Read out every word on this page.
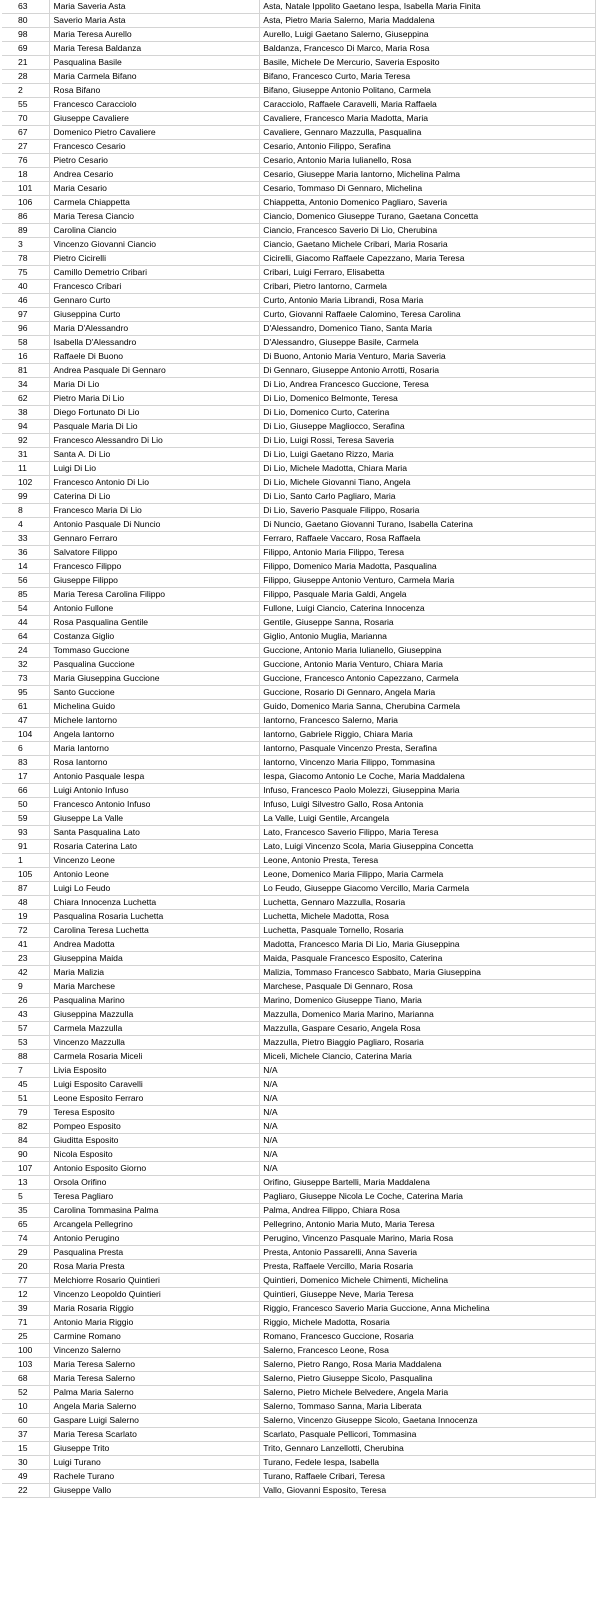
63	Maria Saveria Asta	Asta, Natale Ippolito Gaetano Iespa, Isabella Maria Finita
80	Saverio Maria Asta	Asta, Pietro Maria Salerno, Maria Maddalena
98	Maria Teresa Aurello	Aurello, Luigi Gaetano Salerno, Giuseppina
69	Maria Teresa Baldanza	Baldanza, Francesco Di Marco, Maria Rosa
21	Pasqualina Basile	Basile, Michele De Mercurio, Saveria Esposito
28	Maria Carmela Bifano	Bifano, Francesco Curto, Maria Teresa
2	Rosa Bifano	Bifano, Giuseppe Antonio Politano, Carmela
55	Francesco Caracciolo	Caracciolo, Raffaele Caravelli, Maria Raffaela
70	Giuseppe Cavaliere	Cavaliere, Francesco Maria Madotta, Maria
67	Domenico Pietro Cavaliere	Cavaliere, Gennaro Mazzulla, Pasqualina
27	Francesco Cesario	Cesario, Antonio Filippo, Serafina
76	Pietro Cesario	Cesario, Antonio Maria Iulianello, Rosa
18	Andrea Cesario	Cesario, Giuseppe Maria Iantorno, Michelina Palma
101	Maria Cesario	Cesario, Tommaso Di Gennaro, Michelina
106	Carmela Chiappetta	Chiappetta, Antonio Domenico Pagliaro, Saveria
86	Maria Teresa Ciancio	Ciancio, Domenico Giuseppe Turano, Gaetana Concetta
89	Carolina Ciancio	Ciancio, Francesco Saverio Di Lio, Cherubina
3	Vincenzo Giovanni Ciancio	Ciancio, Gaetano Michele Cribari, Maria Rosaria
78	Pietro Cicirelli	Cicirelli, Giacomo Raffaele Capezzano, Maria Teresa
75	Camillo Demetrio Cribari	Cribari, Luigi Ferraro, Elisabetta
40	Francesco Cribari	Cribari, Pietro Iantorno, Carmela
46	Gennaro Curto	Curto, Antonio Maria Librandi, Rosa Maria
97	Giuseppina Curto	Curto, Giovanni Raffaele Calomino, Teresa Carolina
96	Maria D'Alessandro	D'Alessandro, Domenico Tiano, Santa Maria
58	Isabella D'Alessandro	D'Alessandro, Giuseppe Basile, Carmela
16	Raffaele Di Buono	Di Buono, Antonio Maria Venturo, Maria Saveria
81	Andrea Pasquale Di Gennaro	Di Gennaro, Giuseppe Antonio Arrotti, Rosaria
34	Maria Di Lio	Di Lio, Andrea Francesco Guccione, Teresa
62	Pietro Maria Di Lio	Di Lio, Domenico Belmonte, Teresa
38	Diego Fortunato Di Lio	Di Lio, Domenico Curto, Caterina
94	Pasquale Maria Di Lio	Di Lio, Giuseppe Magliocco, Serafina
92	Francesco Alessandro Di Lio	Di Lio, Luigi Rossi, Teresa Saveria
31	Santa A. Di Lio	Di Lio, Luigi Gaetano Rizzo, Maria
11	Luigi Di Lio	Di Lio, Michele Madotta, Chiara Maria
102	Francesco Antonio Di Lio	Di Lio, Michele Giovanni Tiano, Angela
99	Caterina Di Lio	Di Lio, Santo Carlo Pagliaro, Maria
8	Francesco Maria Di Lio	Di Lio, Saverio Pasquale Filippo, Rosaria
4	Antonio Pasquale Di Nuncio	Di Nuncio, Gaetano Giovanni Turano, Isabella Caterina
33	Gennaro Ferraro	Ferraro, Raffaele Vaccaro, Rosa Raffaela
36	Salvatore Filippo	Filippo, Antonio Maria Filippo, Teresa
14	Francesco Filippo	Filippo, Domenico Maria Madotta, Pasqualina
56	Giuseppe Filippo	Filippo, Giuseppe Antonio Venturo, Carmela Maria
85	Maria Teresa Carolina Filippo	Filippo, Pasquale Maria Galdi, Angela
54	Antonio Fullone	Fullone, Luigi Ciancio, Caterina Innocenza
44	Rosa Pasqualina Gentile	Gentile, Giuseppe Sanna, Rosaria
64	Costanza Giglio	Giglio, Antonio Muglia, Marianna
24	Tommaso Guccione	Guccione, Antonio Maria Iulianello, Giuseppina
32	Pasqualina Guccione	Guccione, Antonio Maria Venturo, Chiara Maria
73	Maria Giuseppina Guccione	Guccione, Francesco Antonio Capezzano, Carmela
95	Santo Guccione	Guccione, Rosario Di Gennaro, Angela Maria
61	Michelina Guido	Guido, Domenico Maria Sanna, Cherubina Carmela
47	Michele Iantorno	Iantorno, Francesco Salerno, Maria
104	Angela Iantorno	Iantorno, Gabriele Riggio, Chiara Maria
6	Maria Iantorno	Iantorno, Pasquale Vincenzo Presta, Serafina
83	Rosa Iantorno	Iantorno, Vincenzo Maria Filippo, Tommasina
17	Antonio Pasquale Iespa	Iespa, Giacomo Antonio Le Coche, Maria Maddalena
66	Luigi Antonio Infuso	Infuso, Francesco Paolo Molezzi, Giuseppina Maria
50	Francesco Antonio Infuso	Infuso, Luigi Silvestro Gallo, Rosa Antonia
59	Giuseppe La Valle	La Valle, Luigi Gentile, Arcangela
93	Santa Pasqualina Lato	Lato, Francesco Saverio Filippo, Maria Teresa
91	Rosaria Caterina Lato	Lato, Luigi Vincenzo Scola, Maria Giuseppina Concetta
1	Vincenzo Leone	Leone, Antonio Presta, Teresa
105	Antonio Leone	Leone, Domenico Maria Filippo, Maria Carmela
87	Luigi Lo Feudo	Lo Feudo, Giuseppe Giacomo Vercillo, Maria Carmela
48	Chiara Innocenza Luchetta	Luchetta, Gennaro Mazzulla, Rosaria
19	Pasqualina Rosaria Luchetta	Luchetta, Michele Madotta, Rosa
72	Carolina Teresa Luchetta	Luchetta, Pasquale Tornello, Rosaria
41	Andrea Madotta	Madotta, Francesco Maria Di Lio, Maria Giuseppina
23	Giuseppina Maida	Maida, Pasquale Francesco Esposito, Caterina
42	Maria Malizia	Malizia, Tommaso Francesco Sabbato, Maria Giuseppina
9	Maria Marchese	Marchese, Pasquale Di Gennaro, Rosa
26	Pasqualina Marino	Marino, Domenico Giuseppe Tiano, Maria
43	Giuseppina Mazzulla	Mazzulla, Domenico Maria Marino, Marianna
57	Carmela Mazzulla	Mazzulla, Gaspare Cesario, Angela Rosa
53	Vincenzo Mazzulla	Mazzulla, Pietro Biaggio Pagliaro, Rosaria
88	Carmela Rosaria Miceli	Miceli, Michele Ciancio, Caterina Maria
7	Livia Esposito	N/A
45	Luigi Esposito Caravelli	N/A
51	Leone Esposito Ferraro	N/A
79	Teresa Esposito	N/A
82	Pompeo Esposito	N/A
84	Giuditta Esposito	N/A
90	Nicola Esposito	N/A
107	Antonio Esposito Giorno	N/A
13	Orsola Orifino	Orifino, Giuseppe Bartelli, Maria Maddalena
5	Teresa Pagliaro	Pagliaro, Giuseppe Nicola Le Coche, Caterina Maria
35	Carolina Tommasina Palma	Palma, Andrea Filippo, Chiara Rosa
65	Arcangela Pellegrino	Pellegrino, Antonio Maria Muto, Maria Teresa
74	Antonio Perugino	Perugino, Vincenzo Pasquale Marino, Maria Rosa
29	Pasqualina Presta	Presta, Antonio Passarelli, Anna Saveria
20	Rosa Maria Presta	Presta, Raffaele Vercillo, Maria Rosaria
77	Melchiorre Rosario Quintieri	Quintieri, Domenico Michele Chimenti, Michelina
12	Vincenzo Leopoldo Quintieri	Quintieri, Giuseppe Neve, Maria Teresa
39	Maria Rosaria Riggio	Riggio, Francesco Saverio Maria Guccione, Anna Michelina
71	Antonio Maria Riggio	Riggio, Michele Madotta, Rosaria
25	Carmine Romano	Romano, Francesco Guccione, Rosaria
100	Vincenzo Salerno	Salerno, Francesco Leone, Rosa
103	Maria Teresa Salerno	Salerno, Pietro Rango, Rosa Maria Maddalena
68	Maria Teresa Salerno	Salerno, Pietro Giuseppe Sicolo, Pasqualina
52	Palma Maria Salerno	Salerno, Pietro Michele Belvedere, Angela Maria
10	Angela Maria Salerno	Salerno, Tommaso Sanna, Maria Liberata
60	Gaspare Luigi Salerno	Salerno, Vincenzo Giuseppe Sicolo, Gaetana Innocenza
37	Maria Teresa Scarlato	Scarlato, Pasquale Pellicori, Tommasina
15	Giuseppe Trito	Trito, Gennaro Lanzellotti, Cherubina
30	Luigi Turano	Turano, Fedele Iespa, Isabella
49	Rachele Turano	Turano, Raffaele Cribari, Teresa
22	Giuseppe Vallo	Vallo, Giovanni Esposito, Teresa
